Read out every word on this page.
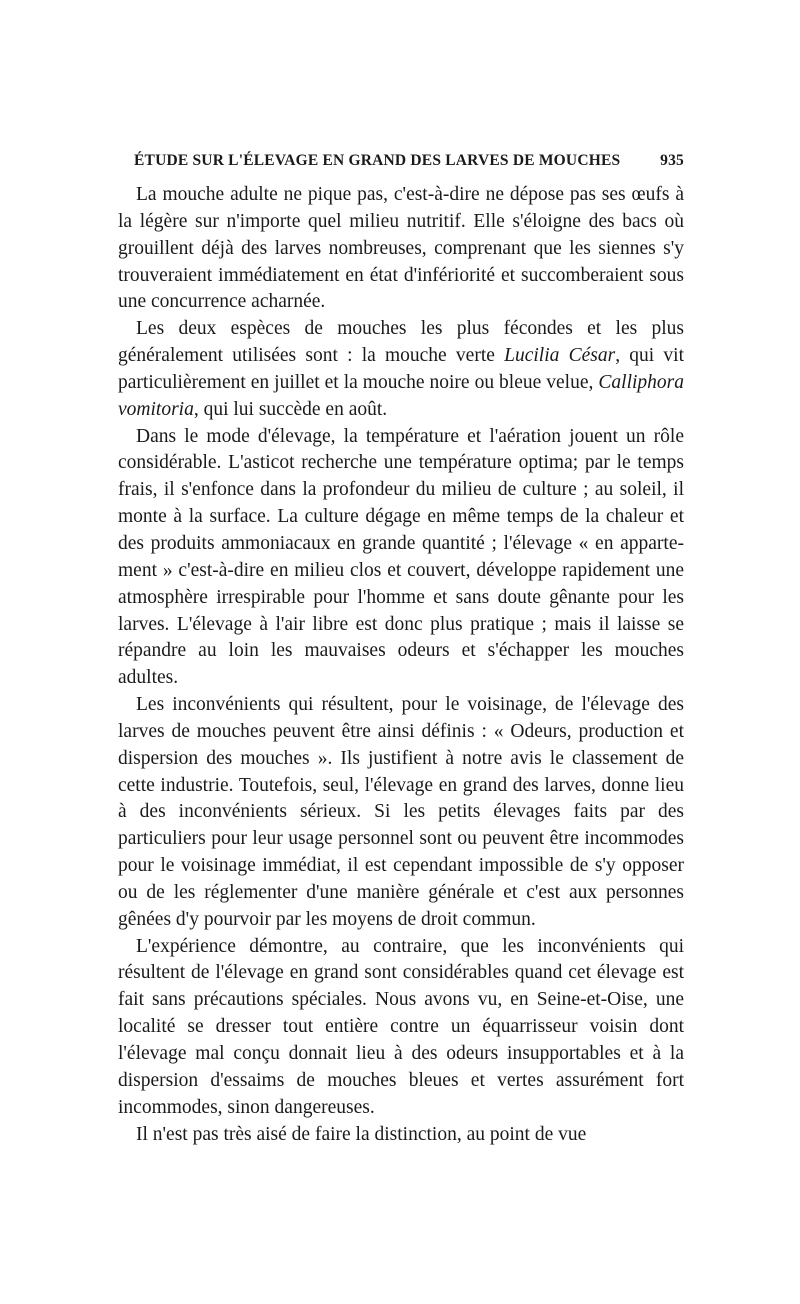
ÉTUDE SUR L'ÉLEVAGE EN GRAND DES LARVES DE MOUCHES	935

La mouche adulte ne pique pas, c'est-à-dire ne dépose pas ses œufs à la légère sur n'importe quel milieu nutritif. Elle s'éloigne des bacs où grouillent déjà des larves nombreuses, comprenant que les siennes s'y trouveraient immédiatement en état d'infériorité et succomberaient sous une concurrence acharnée.

Les deux espèces de mouches les plus fécondes et les plus généralement utilisées sont : la mouche verte Lucilia César, qui vit particulièrement en juillet et la mouche noire ou bleue velue, Calliphora vomitoria, qui lui succède en août.

Dans le mode d'élevage, la température et l'aération jouent un rôle considérable. L'asticot recherche une température optima; par le temps frais, il s'enfonce dans la profondeur du milieu de culture ; au soleil, il monte à la surface. La culture dégage en même temps de la chaleur et des produits ammoniacaux en grande quantité ; l'élevage « en appartement » c'est-à-dire en milieu clos et couvert, développe rapidement une atmosphère irrespirable pour l'homme et sans doute gênante pour les larves. L'élevage à l'air libre est donc plus pratique ; mais il laisse se répandre au loin les mauvaises odeurs et s'échapper les mouches adultes.

Les inconvénients qui résultent, pour le voisinage, de l'élevage des larves de mouches peuvent être ainsi définis : « Odeurs, production et dispersion des mouches ». Ils justifient à notre avis le classement de cette industrie. Toutefois, seul, l'élevage en grand des larves, donne lieu à des inconvénients sérieux. Si les petits élevages faits par des particuliers pour leur usage personnel sont ou peuvent être incommodes pour le voisinage immédiat, il est cependant impossible de s'y opposer ou de les réglementer d'une manière générale et c'est aux personnes gênées d'y pourvoir par les moyens de droit commun.

L'expérience démontre, au contraire, que les inconvénients qui résultent de l'élevage en grand sont considérables quand cet élevage est fait sans précautions spéciales. Nous avons vu, en Seine-et-Oise, une localité se dresser tout entière contre un équarrisseur voisin dont l'élevage mal conçu donnait lieu à des odeurs insupportables et à la dispersion d'essaims de mouches bleues et vertes assurément fort incommodes, sinon dangereuses.

Il n'est pas très aisé de faire la distinction, au point de vue
